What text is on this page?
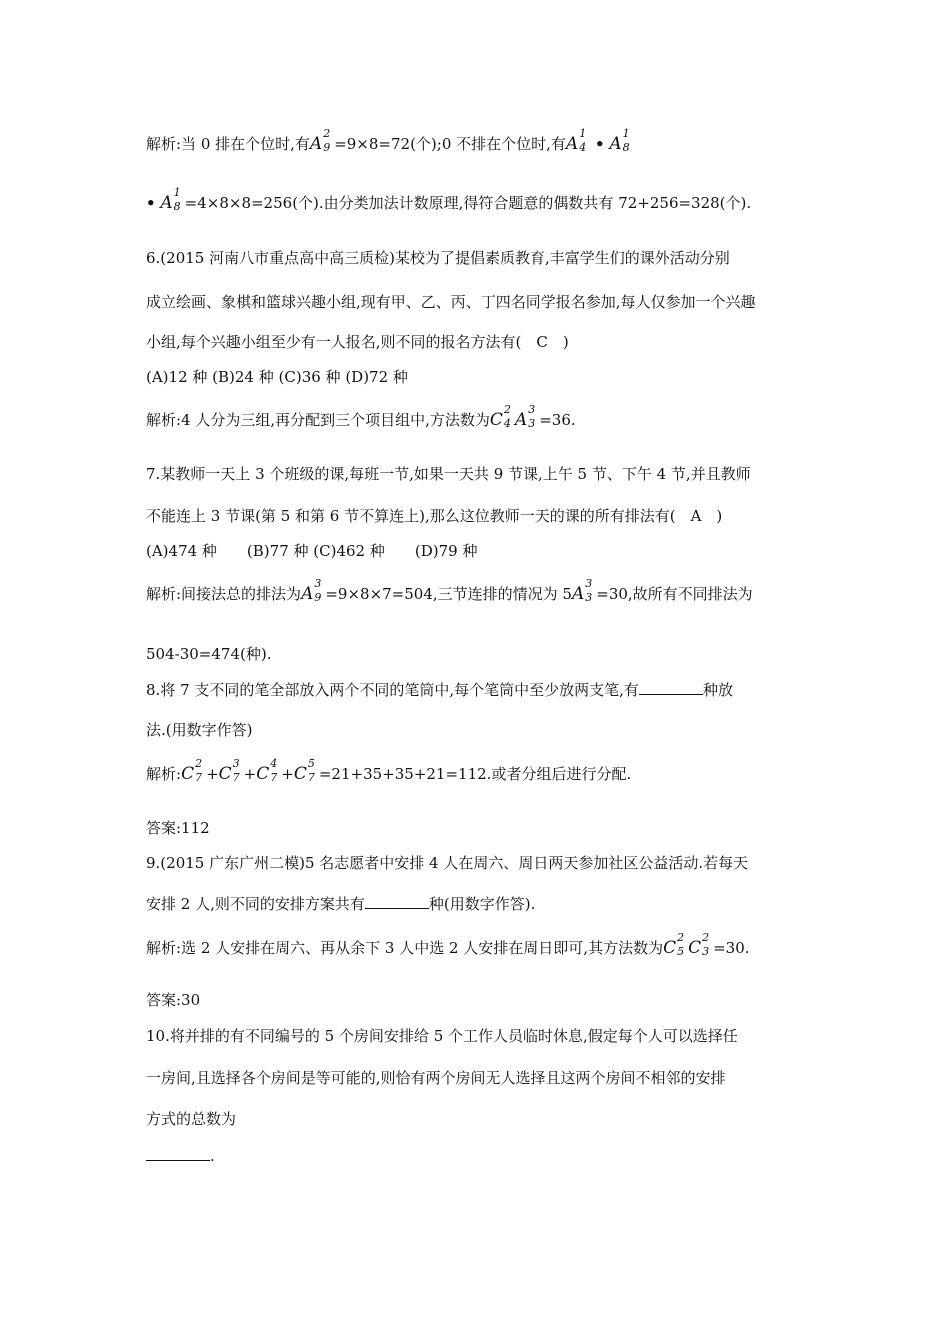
解析:当 0 排在个位时,有A
2
9 =9×8=72(个);0 不排在个位时,有A
1
4 • A
1
8
• A
1
8 =4×8×8=256(个).由分类加法计数原理,得符合题意的偶数共有 72+256=328(个).
6.(2015 河南八市重点高中高三质检)某校为了提倡素质教育,丰富学生们的课外活动分别
成立绘画、象棋和篮球兴趣小组,现有甲、乙、丙、丁四名同学报名参加,每人仅参加一个兴趣
小组,每个兴趣小组至少有一人报名,则不同的报名方法有(　C　)
(A)12 种 (B)24 种 (C)36 种 (D)72 种
解析:4 人分为三组,再分配到三个项目组中,方法数为C
2
4 A
3
3 =36.
7.某教师一天上 3 个班级的课,每班一节,如果一天共 9 节课,上午 5 节、下午 4 节,并且教师
不能连上 3 节课(第 5 和第 6 节不算连上),那么这位教师一天的课的所有排法有(　A　)
(A)474 种　　(B)77 种 (C)462 种　　(D)79 种
解析:间接法总的排法为A
3
9 =9×8×7=504,三节连排的情况为 5A
3
3 =30,故所有不同排法为
504-30=474(种).
8.将 7 支不同的笔全部放入两个不同的笔筒中,每个笔筒中至少放两支笔,有	种放
法.(用数字作答)
解析:C
2
7 +C
3
7 +C
4
7 +C
5
7 =21+35+35+21=112.或者分组后进行分配.
答案:112
9.(2015 广东广州二模)5 名志愿者中安排 4 人在周六、周日两天参加社区公益活动.若每天
安排 2 人,则不同的安排方案共有	种(用数字作答).
解析:选 2 人安排在周六、再从余下 3 人中选 2 人安排在周日即可,其方法数为C
2
5 C
2
3 =30.
答案:30
10.将并排的有不同编号的 5 个房间安排给 5 个工作人员临时休息,假定每个人可以选择任
一房间,且选择各个房间是等可能的,则恰有两个房间无人选择且这两个房间不相邻的安排
方式的总数为
.
